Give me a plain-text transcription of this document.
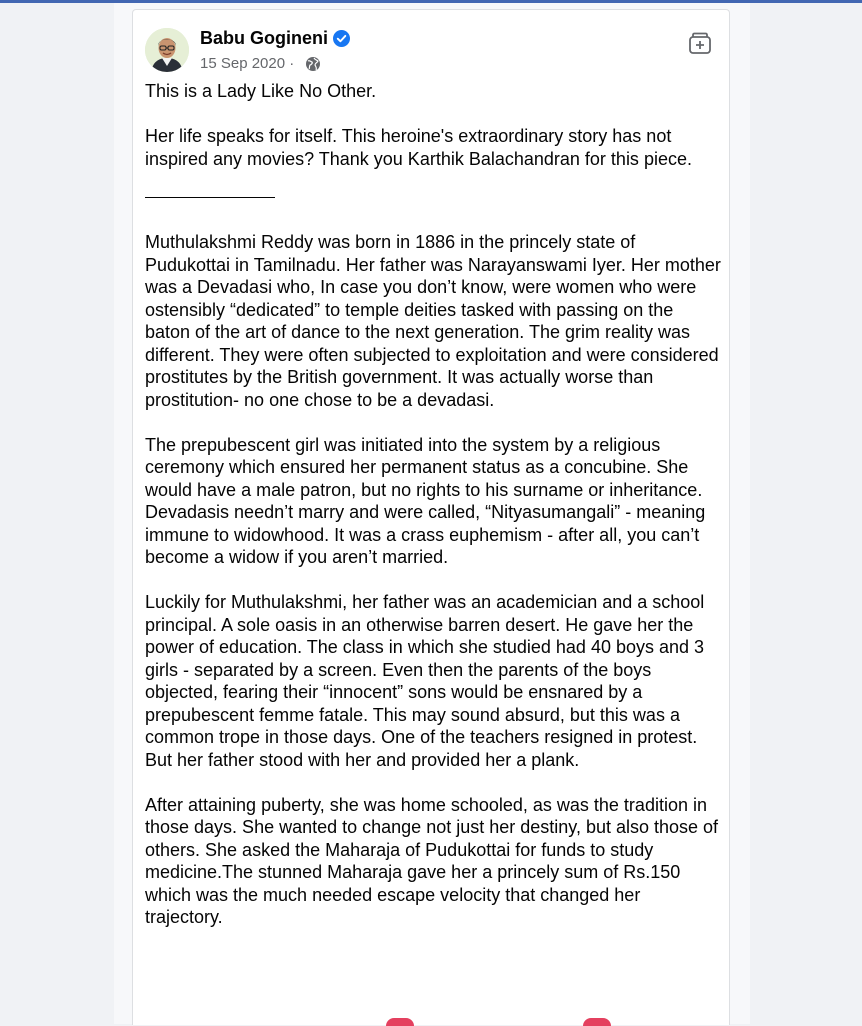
Babu Gogineni
15 Sep 2020 ·

This is a Lady Like No Other.

Her life speaks for itself. This heroine's extraordinary story has not inspired any movies? Thank you Karthik Balachandran for this piece.

Muthulakshmi Reddy was born in 1886 in the princely state of Pudukottai in Tamilnadu. Her father was Narayanswami Iyer. Her mother was a Devadasi who, In case you don’t know, were women who were ostensibly “dedicated” to temple deities tasked with passing on the baton of the art of dance to the next generation. The grim reality was different. They were often subjected to exploitation and were considered prostitutes by the British government. It was actually worse than prostitution- no one chose to be a devadasi.

The prepubescent girl was initiated into the system by a religious ceremony which ensured her permanent status as a concubine. She would have a male patron, but no rights to his surname or inheritance. Devadasis needn’t marry and were called, “Nityasumangali” - meaning immune to widowhood. It was a crass euphemism - after all, you can’t become a widow if you aren’t married.

Luckily for Muthulakshmi, her father was an academician and a school principal. A sole oasis in an otherwise barren desert. He gave her the power of education. The class in which she studied had 40 boys and 3 girls - separated by a screen. Even then the parents of the boys objected, fearing their “innocent” sons would be ensnared by a prepubescent femme fatale. This may sound absurd, but this was a common trope in those days. One of the teachers resigned in protest. But her father stood with her and provided her a plank.

After attaining puberty, she was home schooled, as was the tradition in those days. She wanted to change not just her destiny, but also those of others. She asked the Maharaja of Pudukottai for funds to study medicine.The stunned Maharaja gave her a princely sum of Rs.150 which was the much needed escape velocity that changed her trajectory.
